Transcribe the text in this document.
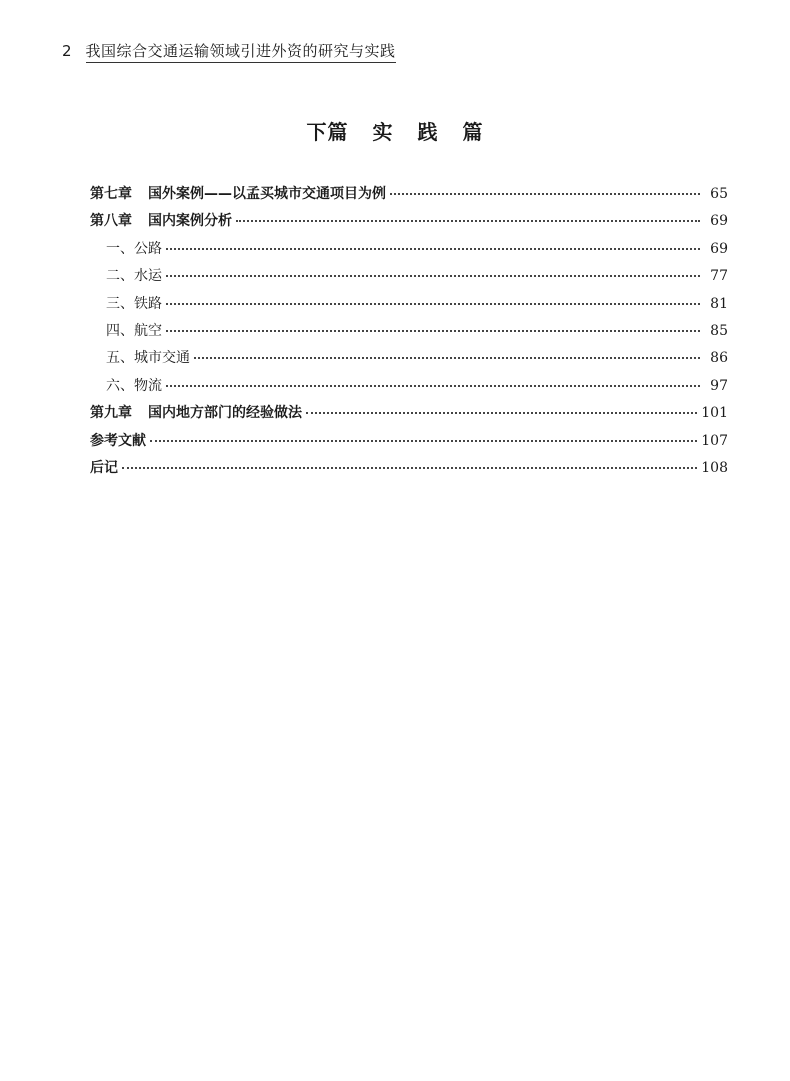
2 我国综合交通运输领域引进外资的研究与实践
下篇 实 践 篇
第七章 国外案例——以孟买城市交通项目为例	65
第八章 国内案例分析	69
一、公路	69
二、水运	77
三、铁路	81
四、航空	85
五、城市交通	86
六、物流	97
第九章 国内地方部门的经验做法	101
参考文献	107
后记	108
